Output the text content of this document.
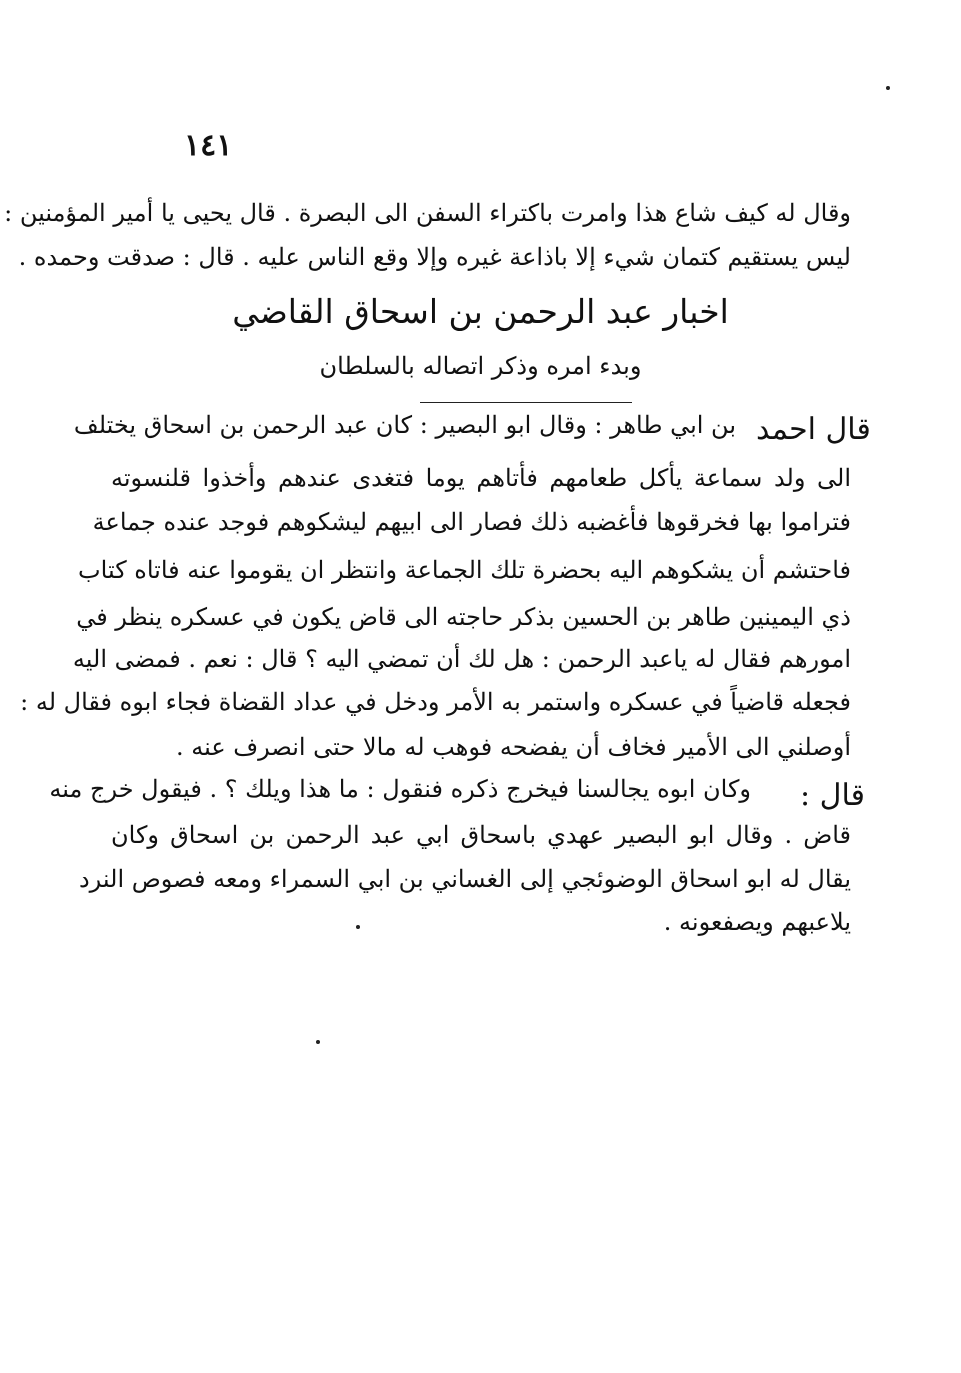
١٤١
وقال له كيف شاع هذا وامرت باكتراء السفن الى البصرة . قال يحيى يا أمير المؤمنين :
ليس يستقيم كتمان شيء إلا باذاعة غيره وإلا وقع الناس عليه . قال : صدقت وحمده .
اخبار عبد الرحمن بن اسحاق القاضي
وبدء امره وذكر اتصاله بالسلطان
قال احمد
بن ابي طاهر : وقال ابو البصير : كان عبد الرحمن بن اسحاق يختلف
الى ولد سماعة يأكل طعامهم فأتاهم يوما فتغدى عندهم وأخذوا قلنسوته
فتراموا بها فخرقوها فأغضبه ذلك فصار الى ابيهم ليشكوهم فوجد عنده جماعة
فاحتشم أن يشكوهم اليه بحضرة تلك الجماعة وانتظر ان يقوموا عنه فاتاه كتاب
ذي اليمينين طاهر بن الحسين بذكر حاجته الى قاض يكون في عسكره ينظر في
امورهم فقال له ياعبد الرحمن : هل لك أن تمضي اليه ؟ قال : نعم . فمضى اليه
فجعله قاضياً في عسكره واستمر به الأمر ودخل في عداد القضاة فجاء ابوه فقال له :
أوصلني الى الأمير فخاف أن يفضحه فوهب له مالا حتى انصرف عنه .
قال :
وكان ابوه يجالسنا فيخرج ذكره فنقول : ما هذا ويلك ؟ . فيقول خرج منه
قاض . وقال ابو البصير عهدي باسحاق ابي عبد الرحمن بن اسحاق وكان
يقال له ابو اسحاق الوضوئجي إلى الغساني بن ابي السمراء ومعه فصوص النرد
يلاعبهم ويصفعونه .
